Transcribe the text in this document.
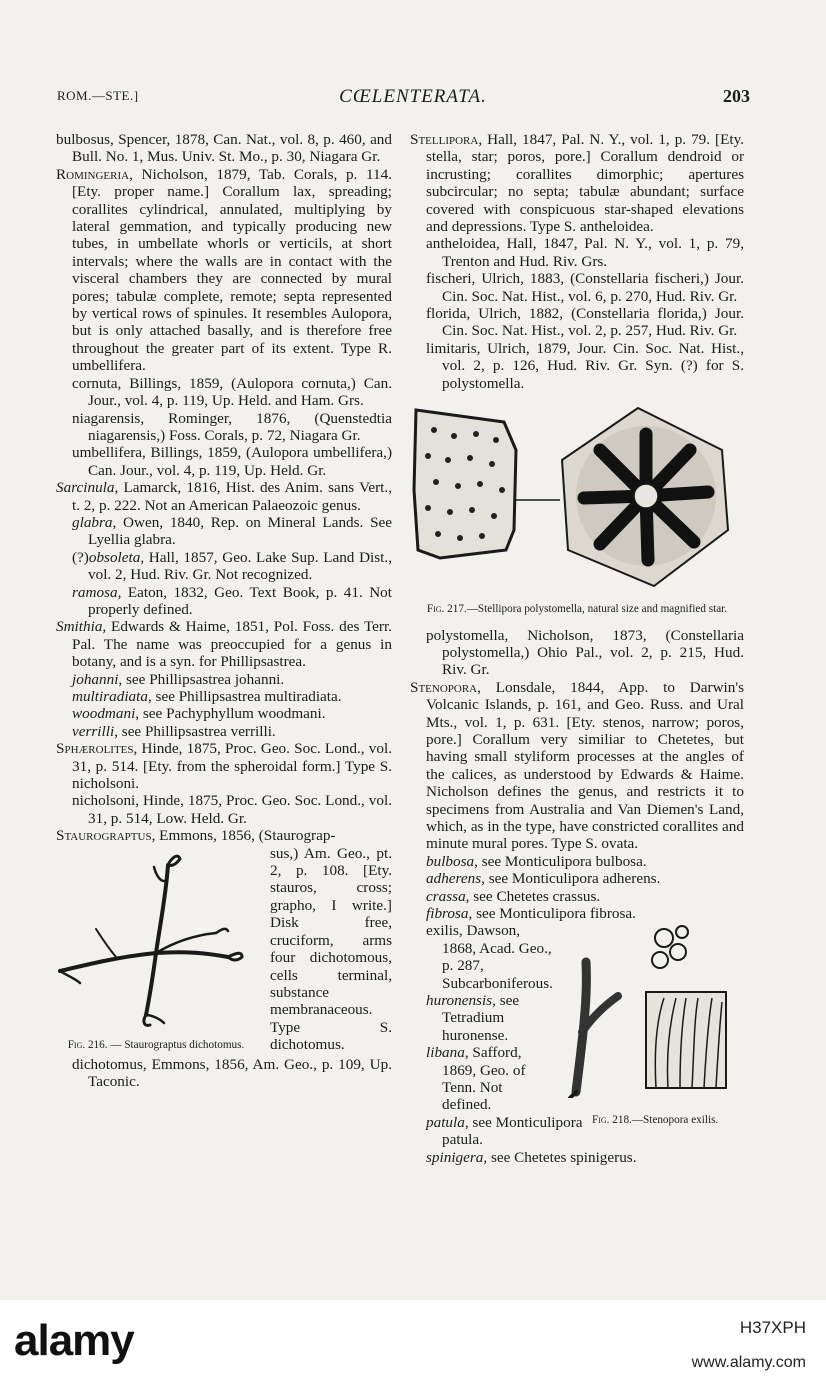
ROM.—STE.]	CŒLENTERATA.	203

bulbosus, Spencer, 1878, Can. Nat., vol. 8, p. 460, and Bull. No. 1, Mus. Univ. St. Mo., p. 30, Niagara Gr.

Romingeria, Nicholson, 1879, Tab. Corals, p. 114. [Ety. proper name.] Corallum lax, spreading; corallites cylindrical, annulated, multiplying by lateral gemmation, and typically producing new tubes, in umbellate whorls or verticils, at short intervals; where the walls are in contact with the visceral chambers they are connected by mural pores; tabulæ complete, remote; septa represented by vertical rows of spinules. It resembles Aulopora, but is only attached basally, and is therefore free throughout the greater part of its extent. Type R. umbellifera.

cornuta, Billings, 1859, (Aulopora cornuta,) Can. Jour., vol. 4, p. 119, Up. Held. and Ham. Grs.

niagarensis, Rominger, 1876, (Quenstedtia niagarensis,) Foss. Corals, p. 72, Niagara Gr.

umbellifera, Billings, 1859, (Aulopora umbellifera,) Can. Jour., vol. 4, p. 119, Up. Held. Gr.

Sarcinula, Lamarck, 1816, Hist. des Anim. sans Vert., t. 2, p. 222. Not an American Palaeozoic genus.

glabra, Owen, 1840, Rep. on Mineral Lands. See Lyellia glabra.

(?)obsoleta, Hall, 1857, Geo. Lake Sup. Land Dist., vol. 2, Hud. Riv. Gr. Not recognized.

ramosa, Eaton, 1832, Geo. Text Book, p. 41. Not properly defined.

Smithia, Edwards & Haime, 1851, Pol. Foss. des Terr. Pal. The name was preoccupied for a genus in botany, and is a syn. for Phillipsastrea.

johanni, see Phillipsastrea johanni.

multiradiata, see Phillipsastrea multiradiata.

woodmani, see Pachyphyllum woodmani.

verrilli, see Phillipsastrea verrilli.

Sphærolites, Hinde, 1875, Proc. Geo. Soc. Lond., vol. 31, p. 514. [Ety. from the spheroidal form.] Type S. nicholsoni.

nicholsoni, Hinde, 1875, Proc. Geo. Soc. Lond., vol. 31, p. 514, Low. Held. Gr.

Staurograptus, Emmons, 1856, (Staurograp-

Fig. 216. — Staurograptus dichotomus.
sus,) Am. Geo., pt. 2, p. 108. [Ety. stauros, cross; grapho, I write.] Disk free, cruciform, arms four dichotomous, cells terminal, substance membranaceous. Type S. dichotomus.

dichotomus, Emmons, 1856, Am. Geo., p. 109, Up. Taconic.

Stellipora, Hall, 1847, Pal. N. Y., vol. 1, p. 79. [Ety. stella, star; poros, pore.] Corallum dendroid or incrusting; corallites dimorphic; apertures subcircular; no septa; tabulæ abundant; surface covered with conspicuous star-shaped elevations and depressions. Type S. antheloidea.

antheloidea, Hall, 1847, Pal. N. Y., vol. 1, p. 79, Trenton and Hud. Riv. Grs.

fischeri, Ulrich, 1883, (Constellaria fischeri,) Jour. Cin. Soc. Nat. Hist., vol. 6, p. 270, Hud. Riv. Gr.

florida, Ulrich, 1882, (Constellaria florida,) Jour. Cin. Soc. Nat. Hist., vol. 2, p. 257, Hud. Riv. Gr.

limitaris, Ulrich, 1879, Jour. Cin. Soc. Nat. Hist., vol. 2, p. 126, Hud. Riv. Gr. Syn. (?) for S. polystomella.

Fig. 217.—Stellipora polystomella, natural size and magnified star.

polystomella, Nicholson, 1873, (Constellaria polystomella,) Ohio Pal., vol. 2, p. 215, Hud. Riv. Gr.

Stenopora, Lonsdale, 1844, App. to Darwin's Volcanic Islands, p. 161, and Geo. Russ. and Ural Mts., vol. 1, p. 631. [Ety. stenos, narrow; poros, pore.] Corallum very similiar to Chetetes, but having small styliform processes at the angles of the calices, as understood by Edwards & Haime. Nicholson defines the genus, and restricts it to specimens from Australia and Van Diemen's Land, which, as in the type, have constricted corallites and minute mural pores. Type S. ovata.

bulbosa, see Monticulipora bulbosa.

adherens, see Monticulipora adherens.

crassa, see Chetetes crassus.

fibrosa, see Monticulipora fibrosa.

exilis, Dawson, 1868, Acad. Geo., p. 287, Subcarboniferous.

huronensis, see Tetradium huronense.

libana, Safford, 1869, Geo. of Tenn. Not defined.

patula, see Monticulipora patula.

Fig. 218.—Stenopora exilis.

spinigera, see Chetetes spinigerus.

alamy	H37XPH
www.alamy.com
